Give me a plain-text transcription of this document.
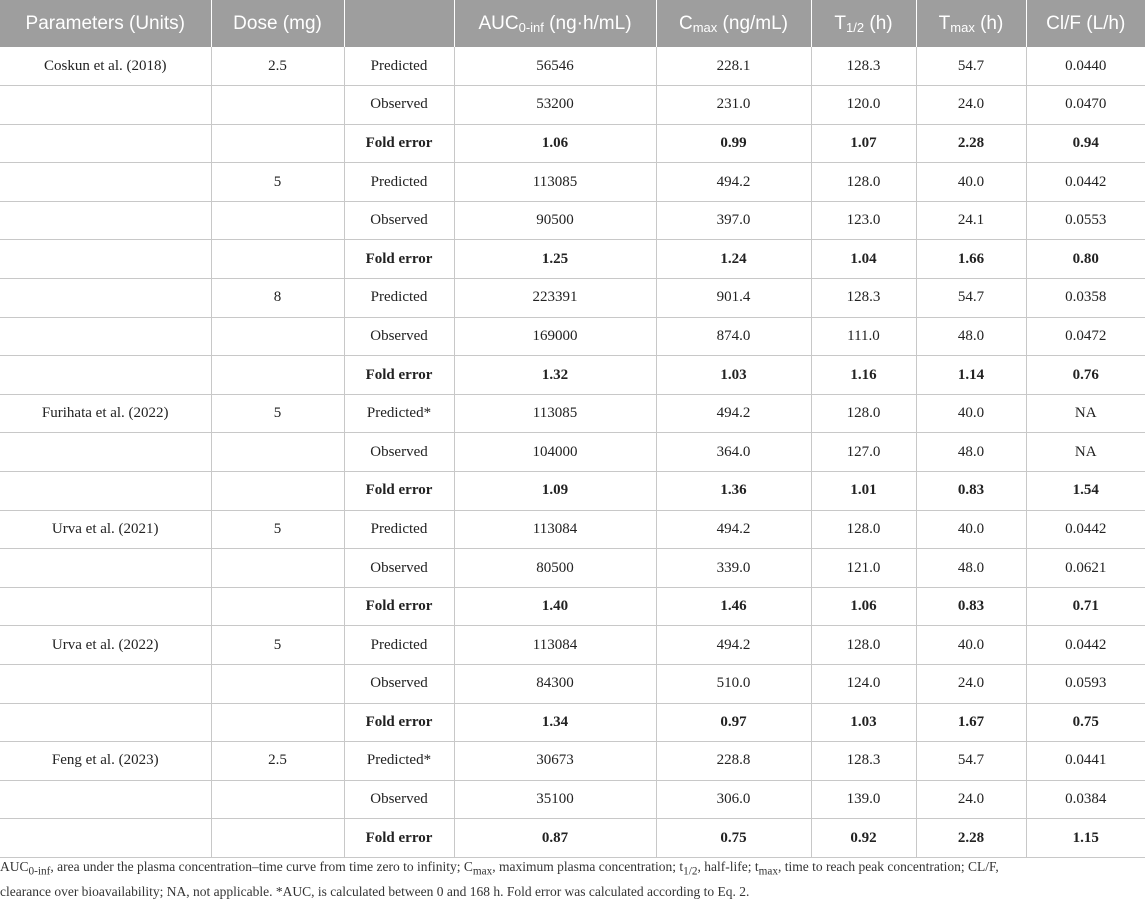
Parameters (Units)	Dose (mg)		$AUC_{0-inf}$ (ng·h/mL)	$C_{max}$ (ng/mL)	$T_{1/2}$ (h)	$T_{max}$ (h)	Cl/F (L/h)
Coskun et al. (2018)	2.5	Predicted	56546	228.1	128.3	54.7	0.0440
		Observed	53200	231.0	120.0	24.0	0.0470
		Fold error	1.06	0.99	1.07	2.28	0.94
	5	Predicted	113085	494.2	128.0	40.0	0.0442
		Observed	90500	397.0	123.0	24.1	0.0553
		Fold error	1.25	1.24	1.04	1.66	0.80
	8	Predicted	223391	901.4	128.3	54.7	0.0358
		Observed	169000	874.0	111.0	48.0	0.0472
		Fold error	1.32	1.03	1.16	1.14	0.76
Furihata et al. (2022)	5	Predicted*	113085	494.2	128.0	40.0	NA
		Observed	104000	364.0	127.0	48.0	NA
		Fold error	1.09	1.36	1.01	0.83	1.54
Urva et al. (2021)	5	Predicted	113084	494.2	128.0	40.0	0.0442
		Observed	80500	339.0	121.0	48.0	0.0621
		Fold error	1.40	1.46	1.06	0.83	0.71
Urva et al. (2022)	5	Predicted	113084	494.2	128.0	40.0	0.0442
		Observed	84300	510.0	124.0	24.0	0.0593
		Fold error	1.34	0.97	1.03	1.67	0.75
Feng et al. (2023)	2.5	Predicted*	30673	228.8	128.3	54.7	0.0441
		Observed	35100	306.0	139.0	24.0	0.0384
		Fold error	0.87	0.75	0.92	2.28	1.15
$AUC_{0-inf}$, area under the plasma concentration–time curve from time zero to infinity; $C_{max}$, maximum plasma concentration; $t_{1/2}$, half-life; $t_{max}$, time to reach peak concentration; CL/F,
clearance over bioavailability; NA, not applicable. *AUC, is calculated between 0 and 168 h. Fold error was calculated according to Eq. 2.
